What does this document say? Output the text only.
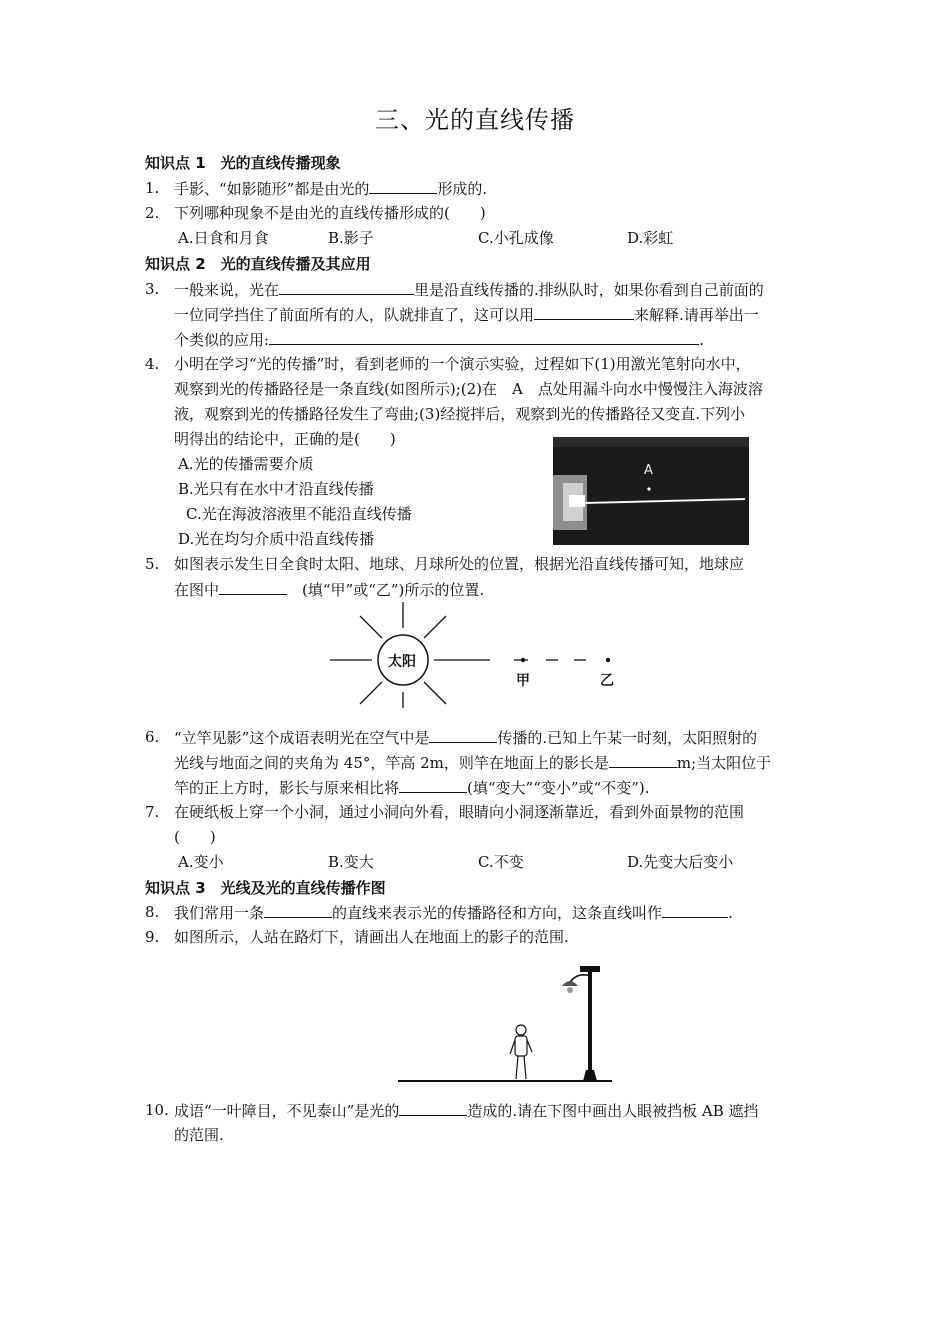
三、光的直线传播
知识点 1　光的直线传播现象
1. 手影、“如影随形”都是由光的	形成的.
2. 下列哪种现象不是由光的直线传播形成的(　　)
A.日食和月食	B.影子	C.小孔成像	D.彩虹
知识点 2　光的直线传播及其应用
3. 一般来说，光在	里是沿直线传播的.排纵队时，如果你看到自己前面的
一位同学挡住了前面所有的人，队就排直了，这可以用	来解释.请再举出一
个类似的应用:	.
4. 小明在学习“光的传播”时，看到老师的一个演示实验，过程如下(1)用激光笔射向水中，
观察到光的传播路径是一条直线(如图所示);(2)在　A　点处用漏斗向水中慢慢注入海波溶
液，观察到光的传播路径发生了弯曲;(3)经搅拌后，观察到光的传播路径又变直.下列小
明得出的结论中，正确的是(　　)
A.光的传播需要介质
B.光只有在水中才沿直线传播
C.光在海波溶液里不能沿直线传播
D.光在均匀介质中沿直线传播
A
5. 如图表示发生日全食时太阳、地球、月球所处的位置，根据光沿直线传播可知，地球应
在图中　	(填“甲”或“乙”)所示的位置.
太阳
甲	乙
6. “立竿见影”这个成语表明光在空气中是	传播的.已知上午某一时刻，太阳照射的
光线与地面之间的夹角为 45°，竿高 2m，则竿在地面上的影长是	m;当太阳位于
竿的正上方时，影长与原来相比将	(填“变大”“变小”或“不变”).
7. 在硬纸板上穿一个小洞，通过小洞向外看，眼睛向小洞逐渐靠近，看到外面景物的范围
(　　)
A.变小	B.变大	C.不变	D.先变大后变小
知识点 3　光线及光的直线传播作图
8. 我们常用一条	的直线来表示光的传播路径和方向，这条直线叫作	.
9. 如图所示，人站在路灯下，请画出人在地面上的影子的范围.
10. 成语“一叶障目，不见泰山”是光的	造成的.请在下图中画出人眼被挡板 AB 遮挡
的范围.
